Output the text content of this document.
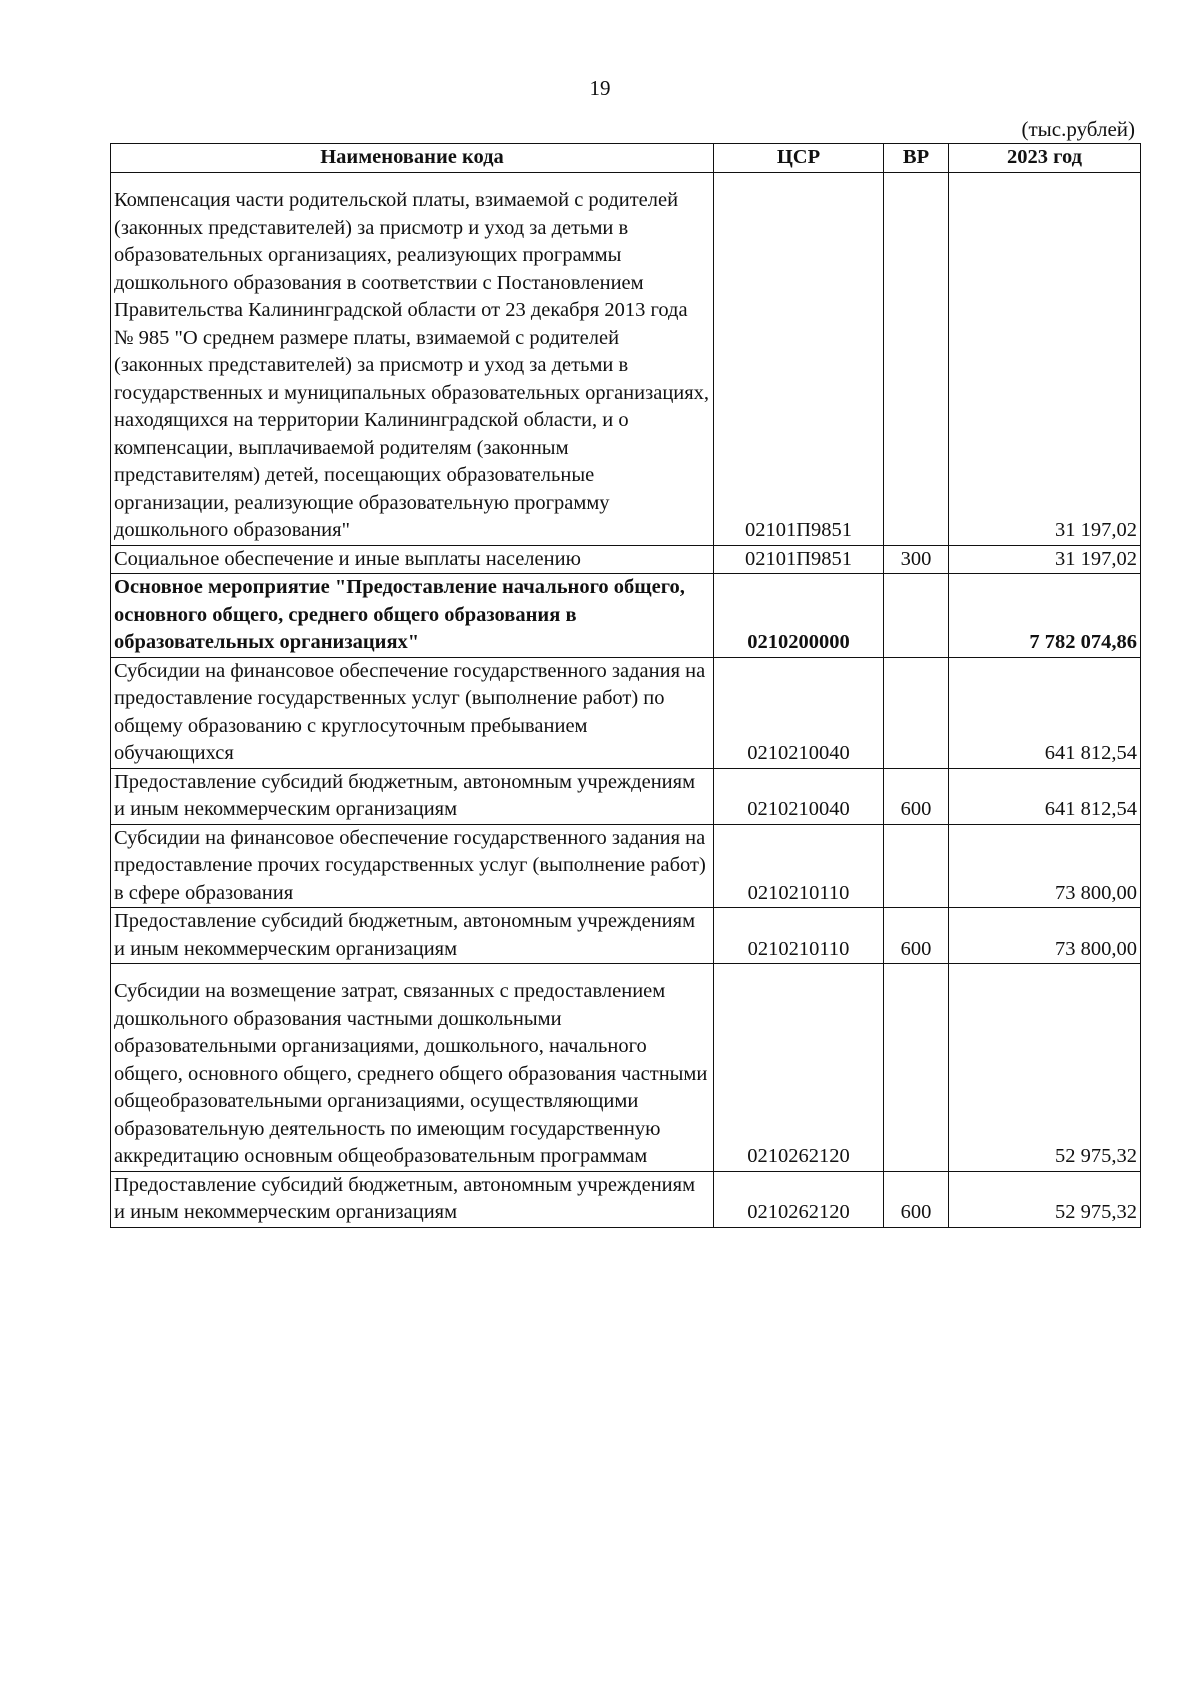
19
(тыс.рублей)
Наименование кода	ЦСР	ВР	2023 год
Компенсация части родительской платы, взимаемой с родителей (законных представителей) за присмотр и уход за детьми в образовательных организациях, реализующих программы дошкольного образования в соответствии с Постановлением Правительства Калининградской области от 23 декабря 2013 года № 985 "О среднем размере платы, взимаемой с родителей (законных представителей) за присмотр и уход за детьми в государственных и муниципальных образовательных организациях, находящихся на территории Калининградской области, и о компенсации, выплачиваемой родителям (законным представителям) детей, посещающих образовательные организации, реализующие образовательную программу дошкольного образования"	02101П9851		31 197,02
Социальное обеспечение и иные выплаты населению	02101П9851	300	31 197,02
Основное мероприятие "Предоставление начального общего, основного общего, среднего общего образования в образовательных организациях"	0210200000		7 782 074,86
Субсидии на финансовое обеспечение государственного задания на предоставление государственных услуг (выполнение работ) по общему образованию с круглосуточным пребыванием обучающихся	0210210040		641 812,54
Предоставление субсидий бюджетным, автономным учреждениям и иным некоммерческим организациям	0210210040	600	641 812,54
Субсидии на финансовое обеспечение государственного задания на предоставление прочих государственных услуг (выполнение работ) в сфере образования	0210210110		73 800,00
Предоставление субсидий бюджетным, автономным учреждениям и иным некоммерческим организациям	0210210110	600	73 800,00
Субсидии на возмещение затрат, связанных с предоставлением дошкольного образования частными дошкольными образовательными организациями, дошкольного, начального общего, основного общего, среднего общего образования частными общеобразовательными организациями, осуществляющими образовательную деятельность по имеющим государственную аккредитацию основным общеобразовательным программам	0210262120		52 975,32
Предоставление субсидий бюджетным, автономным учреждениям и иным некоммерческим организациям	0210262120	600	52 975,32
